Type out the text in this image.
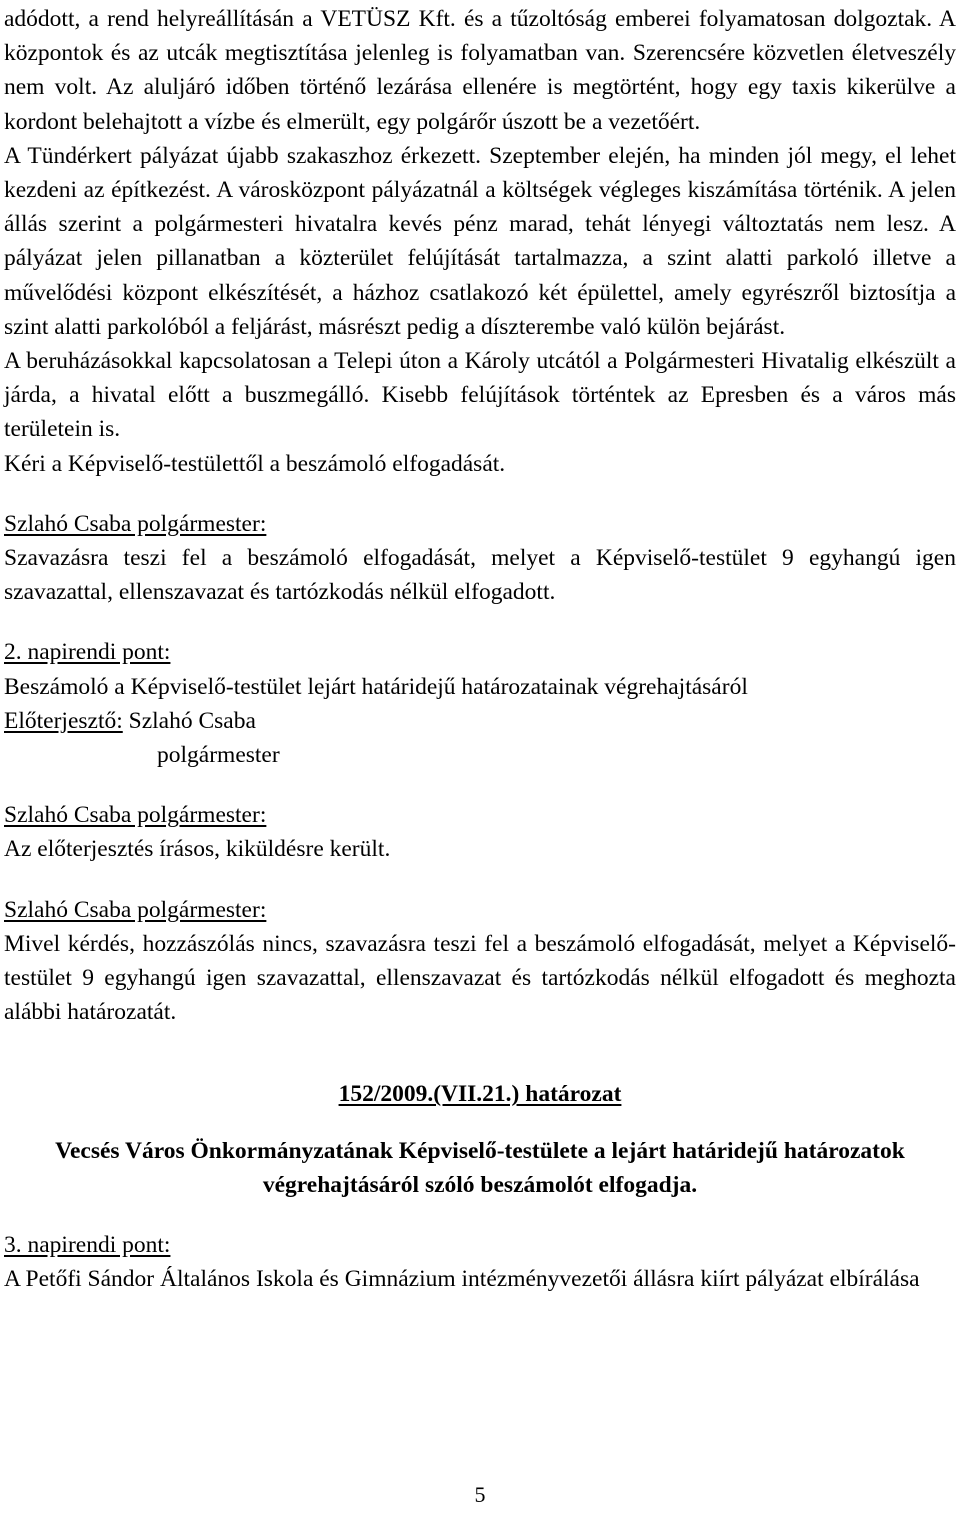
adódott, a rend helyreállításán a VETÜSZ Kft. és a tűzoltóság emberei folyamatosan dolgoztak. A központok és az utcák megtisztítása jelenleg is folyamatban van. Szerencsére közvetlen életveszély nem volt. Az aluljáró időben történő lezárása ellenére is megtörtént, hogy egy taxis kikerülve a kordont belehajtott a vízbe és elmerült, egy polgárőr úszott be a vezetőért.

A Tündérkert pályázat újabb szakaszhoz érkezett. Szeptember elején, ha minden jól megy, el lehet kezdeni az építkezést. A városközpont pályázatnál a költségek végleges kiszámítása történik. A jelen állás szerint a polgármesteri hivatalra kevés pénz marad, tehát lényegi változtatás nem lesz. A pályázat jelen pillanatban a közterület felújítását tartalmazza, a szint alatti parkoló illetve a művelődési központ elkészítését, a házhoz csatlakozó két épülettel, amely egyrészről biztosítja a szint alatti parkolóból a feljárást, másrészt pedig a díszterembe való külön bejárást.

A beruházásokkal kapcsolatosan a Telepi úton a Károly utcától a Polgármesteri Hivatalig elkészült a járda, a hivatal előtt a buszmegálló. Kisebb felújítások történtek az Epresben és a város más területein is.

Kéri a Képviselő-testülettől a beszámoló elfogadását.

Szlahó Csaba polgármester:

Szavazásra teszi fel a beszámoló elfogadását, melyet a Képviselő-testület 9 egyhangú igen szavazattal, ellenszavazat és tartózkodás nélkül elfogadott.

2. napirendi pont:

Beszámoló a Képviselő-testület lejárt határidejű határozatainak végrehajtásáról

Előterjesztő: Szlahó Csaba

polgármester

Szlahó Csaba polgármester:

Az előterjesztés írásos, kiküldésre került.

Szlahó Csaba polgármester:

Mivel kérdés, hozzászólás nincs, szavazásra teszi fel a beszámoló elfogadását, melyet a Képviselő-testület 9 egyhangú igen szavazattal, ellenszavazat és tartózkodás nélkül elfogadott és meghozta alábbi határozatát.

152/2009.(VII.21.) határozat

Vecsés Város Önkormányzatának Képviselő-testülete a lejárt határidejű határozatok végrehajtásáról szóló beszámolót elfogadja.

3. napirendi pont:

A Petőfi Sándor Általános Iskola és Gimnázium intézményvezetői állásra kiírt pályázat elbírálása

5
